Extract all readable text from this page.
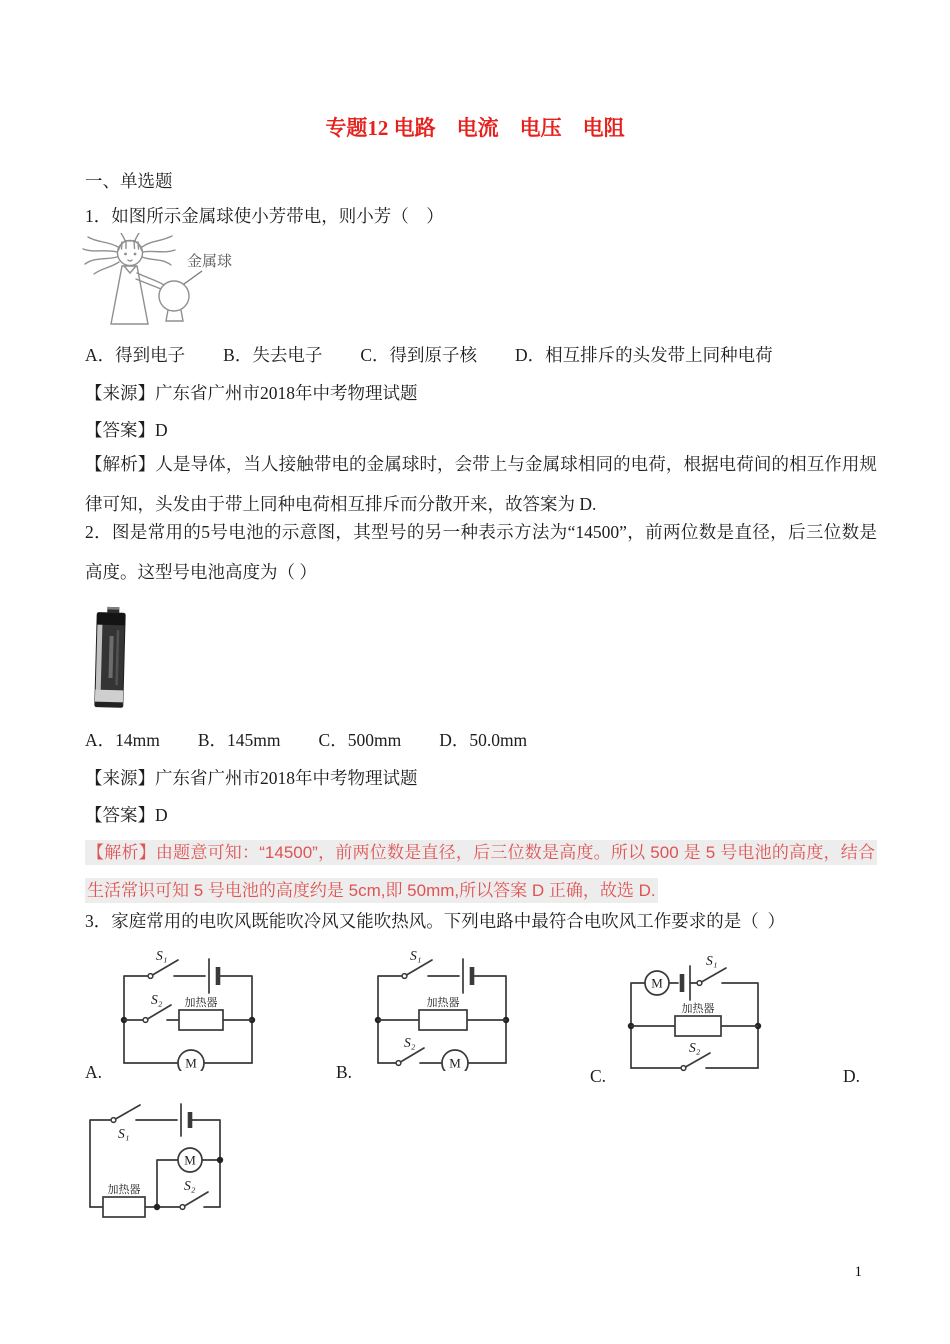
专题12 电路　电流　电压　电阻
一、单选题
1．如图所示金属球使小芳带电，则小芳（    ）
金属球
A．得到电子 B．失去电子 C．得到原子核 D．相互排斥的头发带上同种电荷
【来源】广东省广州市2018年中考物理试题
【答案】D
【解析】人是导体，当人接触带电的金属球时，会带上与金属球相同的电荷，根据电荷间的相互作用规律可知，头发由于带上同种电荷相互排斥而分散开来，故答案为 D.
2．图是常用的5号电池的示意图，其型号的另一种表示方法为“14500”，前两位数是直径，后三位数是高度。这型号电池高度为（ ）
A．14mm B．145mm C．500mm D．50.0mm
【来源】广东省广州市2018年中考物理试题
【答案】D
【解析】由题意可知：“14500”，前两位数是直径，后三位数是高度。所以 500 是 5 号电池的高度，结合生活常识可知 5 号电池的高度约是 5cm,即 50mm,所以答案 D 正确，故选 D.
3．家庭常用的电吹风既能吹冷风又能吹热风。下列电路中最符合电吹风工作要求的是（  ）
S₁
S₂ 加热器
M
S₁
加热器
S₂
M
M
S₁
加热器
S₂
A.	B.	C.	D.
S₁
M
加热器	S₂
1
